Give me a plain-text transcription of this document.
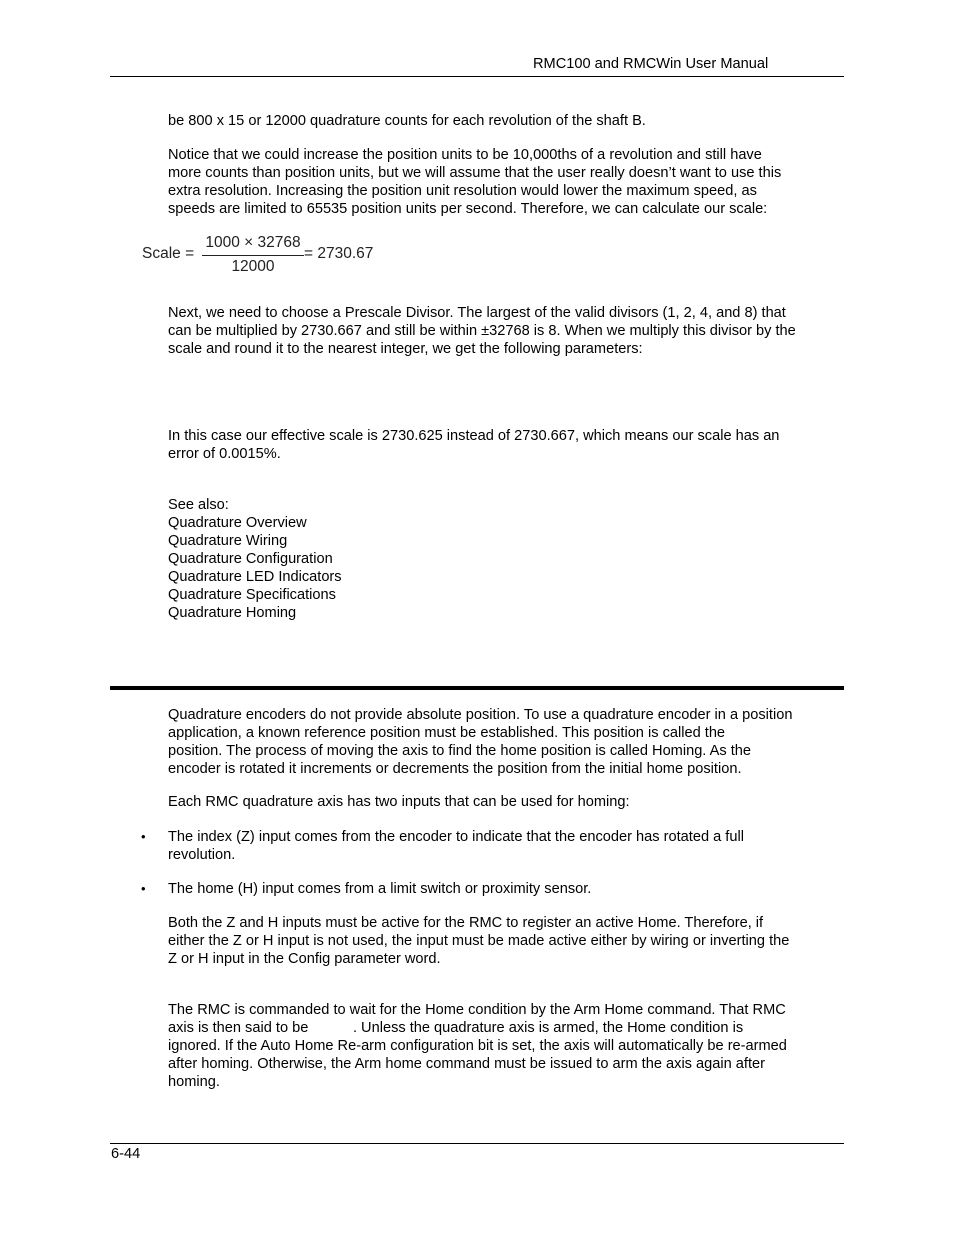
RMC100 and RMCWin User Manual

be 800 x 15 or 12000 quadrature counts for each revolution of the shaft B.

Notice that we could increase the position units to be 10,000ths of a revolution and still have
more counts than position units, but we will assume that the user really doesn’t want to use this
extra resolution. Increasing the position unit resolution would lower the maximum speed, as
speeds are limited to 65535 position units per second. Therefore, we can calculate our scale:

Scale =
1000 × 32768
12000
= 2730.67

Next, we need to choose a Prescale Divisor. The largest of the valid divisors (1, 2, 4, and 8) that
can be multiplied by 2730.667 and still be within ±32768 is 8. When we multiply this divisor by the
scale and round it to the nearest integer, we get the following parameters:

In this case our effective scale is 2730.625 instead of 2730.667, which means our scale has an
error of 0.0015%.

See also:
Quadrature Overview
Quadrature Wiring
Quadrature Configuration
Quadrature LED Indicators
Quadrature Specifications
Quadrature Homing

Quadrature encoders do not provide absolute position. To use a quadrature encoder in a position
application, a known reference position must be established. This position is called the
position. The process of moving the axis to find the home position is called Homing. As the
encoder is rotated it increments or decrements the position from the initial home position.

Each RMC quadrature axis has two inputs that can be used for homing:

• The index (Z) input comes from the encoder to indicate that the encoder has rotated a full
revolution.

• The home (H) input comes from a limit switch or proximity sensor.

Both the Z and H inputs must be active for the RMC to register an active Home. Therefore, if
either the Z or H input is not used, the input must be made active either by wiring or inverting the
Z or H input in the Config parameter word.

The RMC is commanded to wait for the Home condition by the Arm Home command. That RMC
axis is then said to be           . Unless the quadrature axis is armed, the Home condition is
ignored. If the Auto Home Re-arm configuration bit is set, the axis will automatically be re-armed
after homing. Otherwise, the Arm home command must be issued to arm the axis again after
homing.

6-44
